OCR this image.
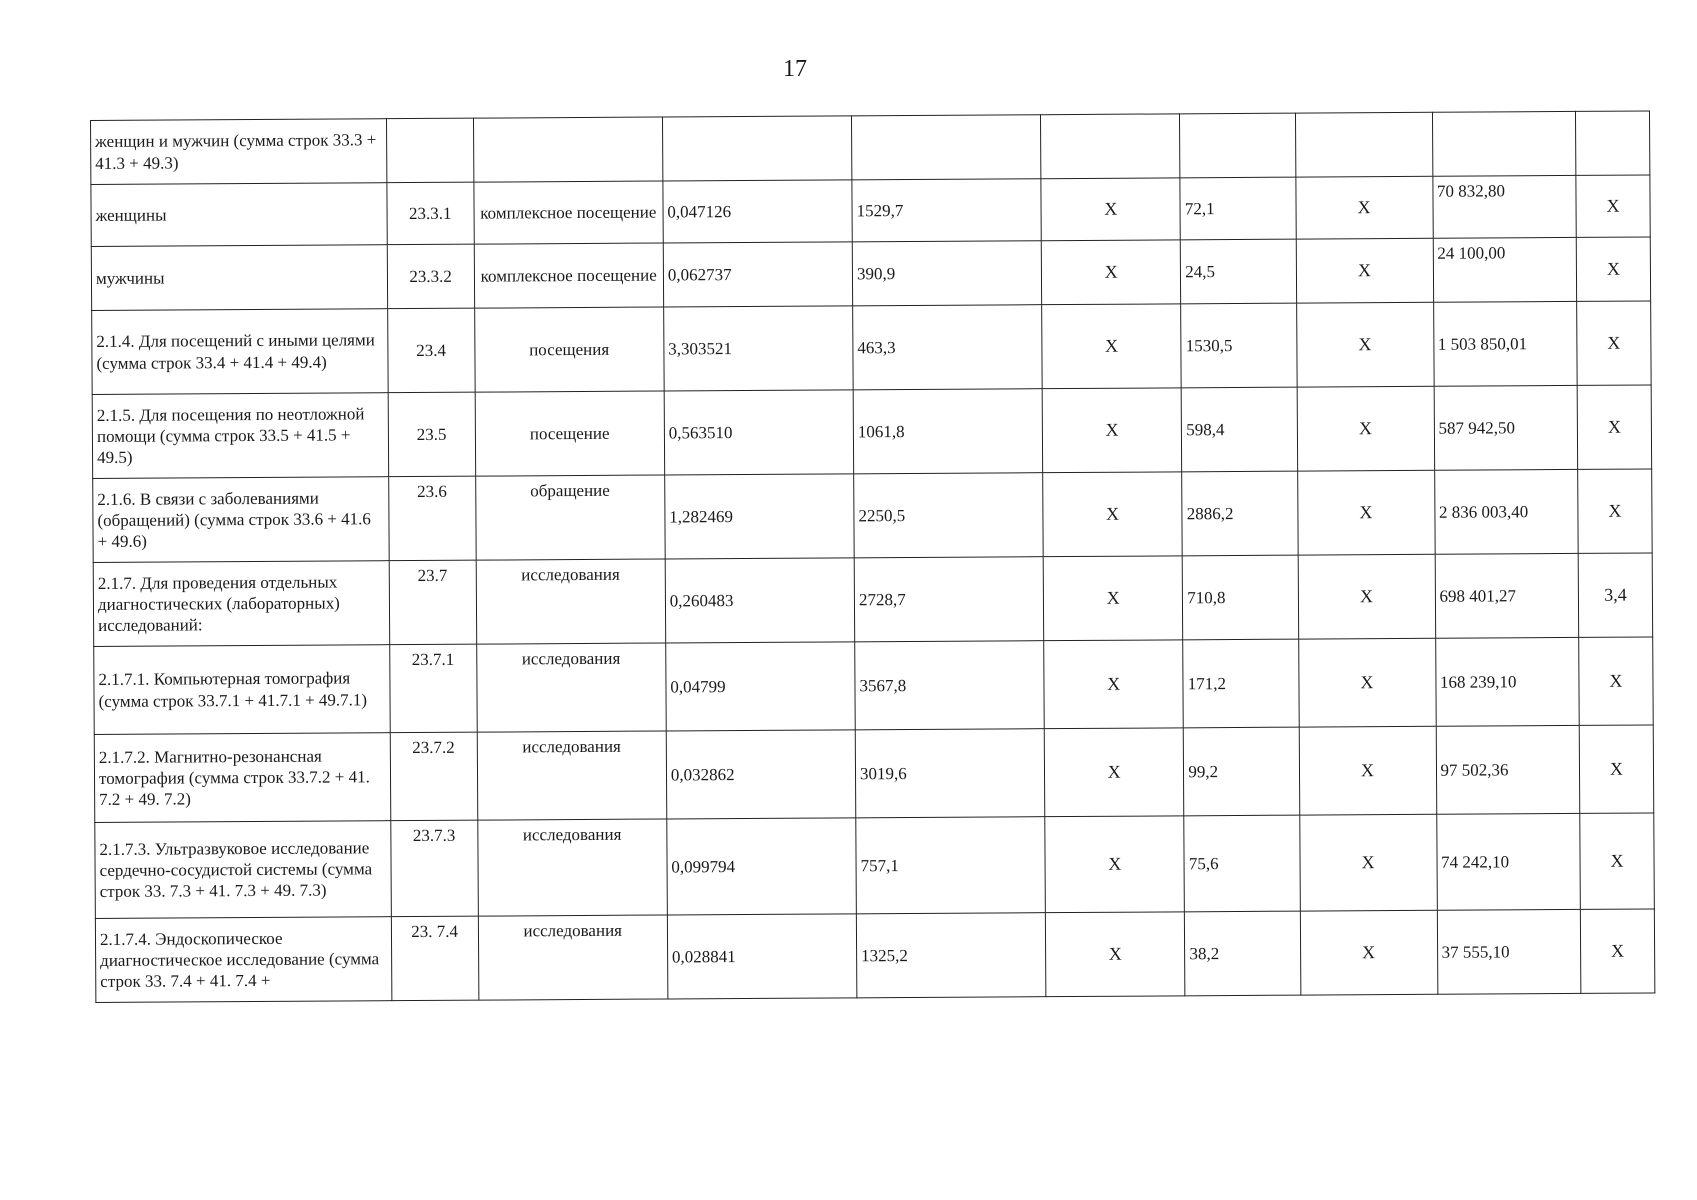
17
женщин и мужчин (сумма строк 33.3 + 41.3 + 49.3)									
женщины	23.3.1	комплексное посещение	0,047126	1529,7	X	72,1	X	70 832,80	X
мужчины	23.3.2	комплексное посещение	0,062737	390,9	X	24,5	X	24 100,00	X
2.1.4. Для посещений с иными целями (сумма строк 33.4 + 41.4 + 49.4)	23.4	посещения	3,303521	463,3	X	1530,5	X	1 503 850,01	X
2.1.5. Для посещения по неотложной помощи (сумма строк 33.5 + 41.5 + 49.5)	23.5	посещение	0,563510	1061,8	X	598,4	X	587 942,50	X
2.1.6. В связи с заболеваниями (обращений) (сумма строк 33.6 + 41.6 + 49.6)	23.6	обращение	1,282469	2250,5	X	2886,2	X	2 836 003,40	X
2.1.7. Для проведения отдельных диагностических (лабораторных) исследований:	23.7	исследования	0,260483	2728,7	X	710,8	X	698 401,27	3,4
2.1.7.1. Компьютерная томография (сумма строк 33.7.1 + 41.7.1 + 49.7.1)	23.7.1	исследования	0,04799	3567,8	X	171,2	X	168 239,10	X
2.1.7.2. Магнитно-резонансная томография (сумма строк 33.7.2 + 41. 7.2 + 49. 7.2)	23.7.2	исследования	0,032862	3019,6	X	99,2	X	97 502,36	X
2.1.7.3. Ультразвуковое исследование сердечно-сосудистой системы (сумма строк 33. 7.3 + 41. 7.3 + 49. 7.3)	23.7.3	исследования	0,099794	757,1	X	75,6	X	74 242,10	X
2.1.7.4. Эндоскопическое диагностическое исследование (сумма строк 33. 7.4 + 41. 7.4 +	23. 7.4	исследования	0,028841	1325,2	X	38,2	X	37 555,10	X
